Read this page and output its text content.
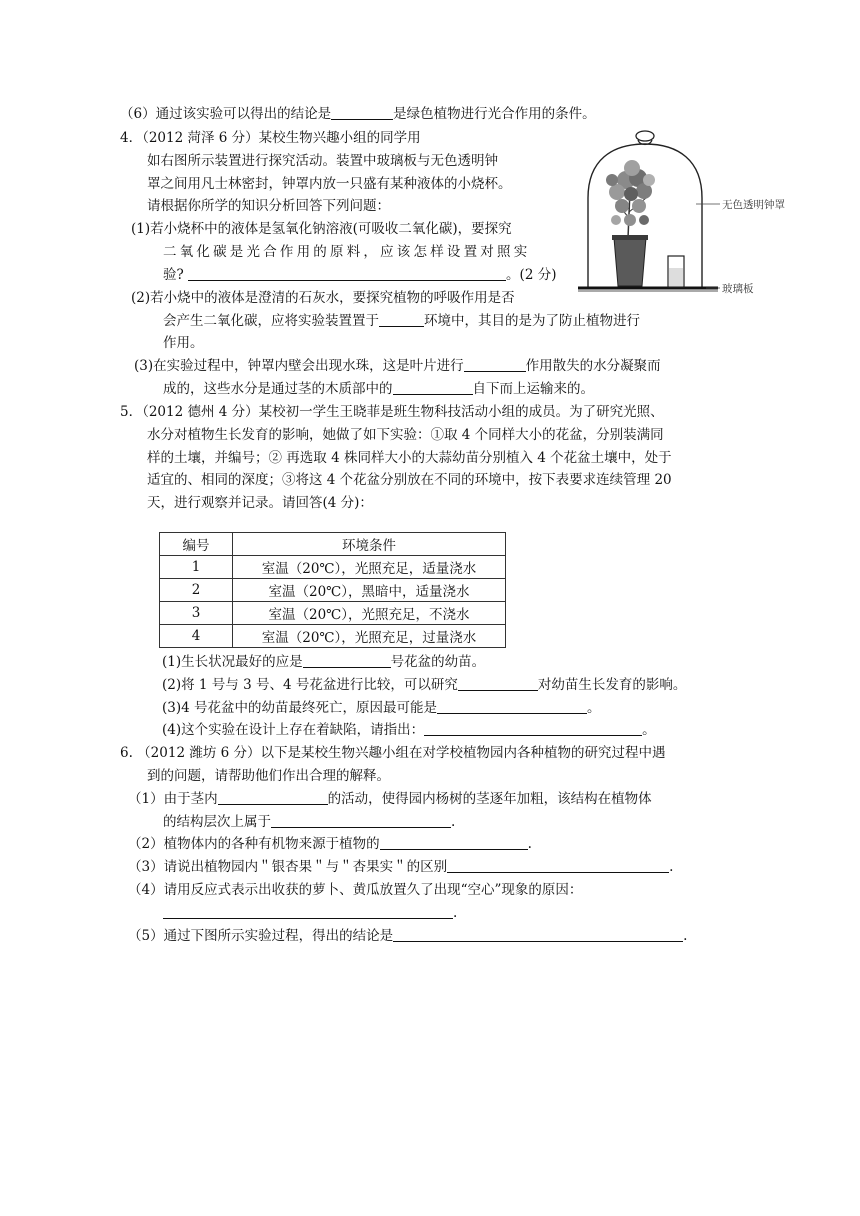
（6）通过该实验可以得出的结论是	是绿色植物进行光合作用的条件。
4．（2012 菏泽 6 分）某校生物兴趣小组的同学用
如右图所示装置进行探究活动。装置中玻璃板与无色透明钟
罩之间用凡士林密封，钟罩内放一只盛有某种液体的小烧杯。
请根据你所学的知识分析回答下列问题：
(1)若小烧杯中的液体是氢氧化钠溶液(可吸收二氧化碳)，要探究
二氧化碳是光合作用的原料，应该怎样设置对照实
验?	。(2 分)
(2)若小烧中的液体是澄清的石灰水，要探究植物的呼吸作用是否
会产生二氧化碳，应将实验装置置于	环境中，其目的是为了防止植物进行
作用。
(3)在实验过程中，钟罩内壁会出现水珠，这是叶片进行	作用散失的水分凝聚而
成的，这些水分是通过茎的木质部中的	自下而上运输来的。
无色透明钟罩
玻璃板
5．（2012 德州 4 分）某校初一学生王晓菲是班生物科技活动小组的成员。为了研究光照、
水分对植物生长发育的影响，她做了如下实验：①取 4 个同样大小的花盆，分别装满同
样的土壤，并编号；② 再选取 4 株同样大小的大蒜幼苗分别植入 4 个花盆土壤中，处于
适宜的、相同的深度；③将这 4 个花盆分别放在不同的环境中，按下表要求连续管理 20
天，进行观察并记录。请回答(4 分)：
编号	环境条件
1	室温（20℃），光照充足，适量浇水
2	室温（20℃），黑暗中，适量浇水
3	室温（20℃），光照充足，不浇水
4	室温（20℃），光照充足，过量浇水
(1)生长状况最好的应是	号花盆的幼苗。
(2)将 1 号与 3 号、4 号花盆进行比较，可以研究	对幼苗生长发育的影响。
(3)4 号花盆中的幼苗最终死亡，原因最可能是	。
(4)这个实验在设计上存在着缺陷，请指出：	。
6. （2012 潍坊 6 分）以下是某校生物兴趣小组在对学校植物园内各种植物的研究过程中遇
到的问题，请帮助他们作出合理的解释。
（1）由于茎内	的活动，使得园内杨树的茎逐年加粗，该结构在植物体
的结构层次上属于	.
（2）植物体内的各种有机物来源于植物的	.
（3）请说出植物园内＂银杏果＂与＂杏果实＂的区别	.
（4）请用反应式表示出收获的萝卜、黄瓜放置久了出现“空心”现象的原因：
.
（5）通过下图所示实验过程，得出的结论是	.
